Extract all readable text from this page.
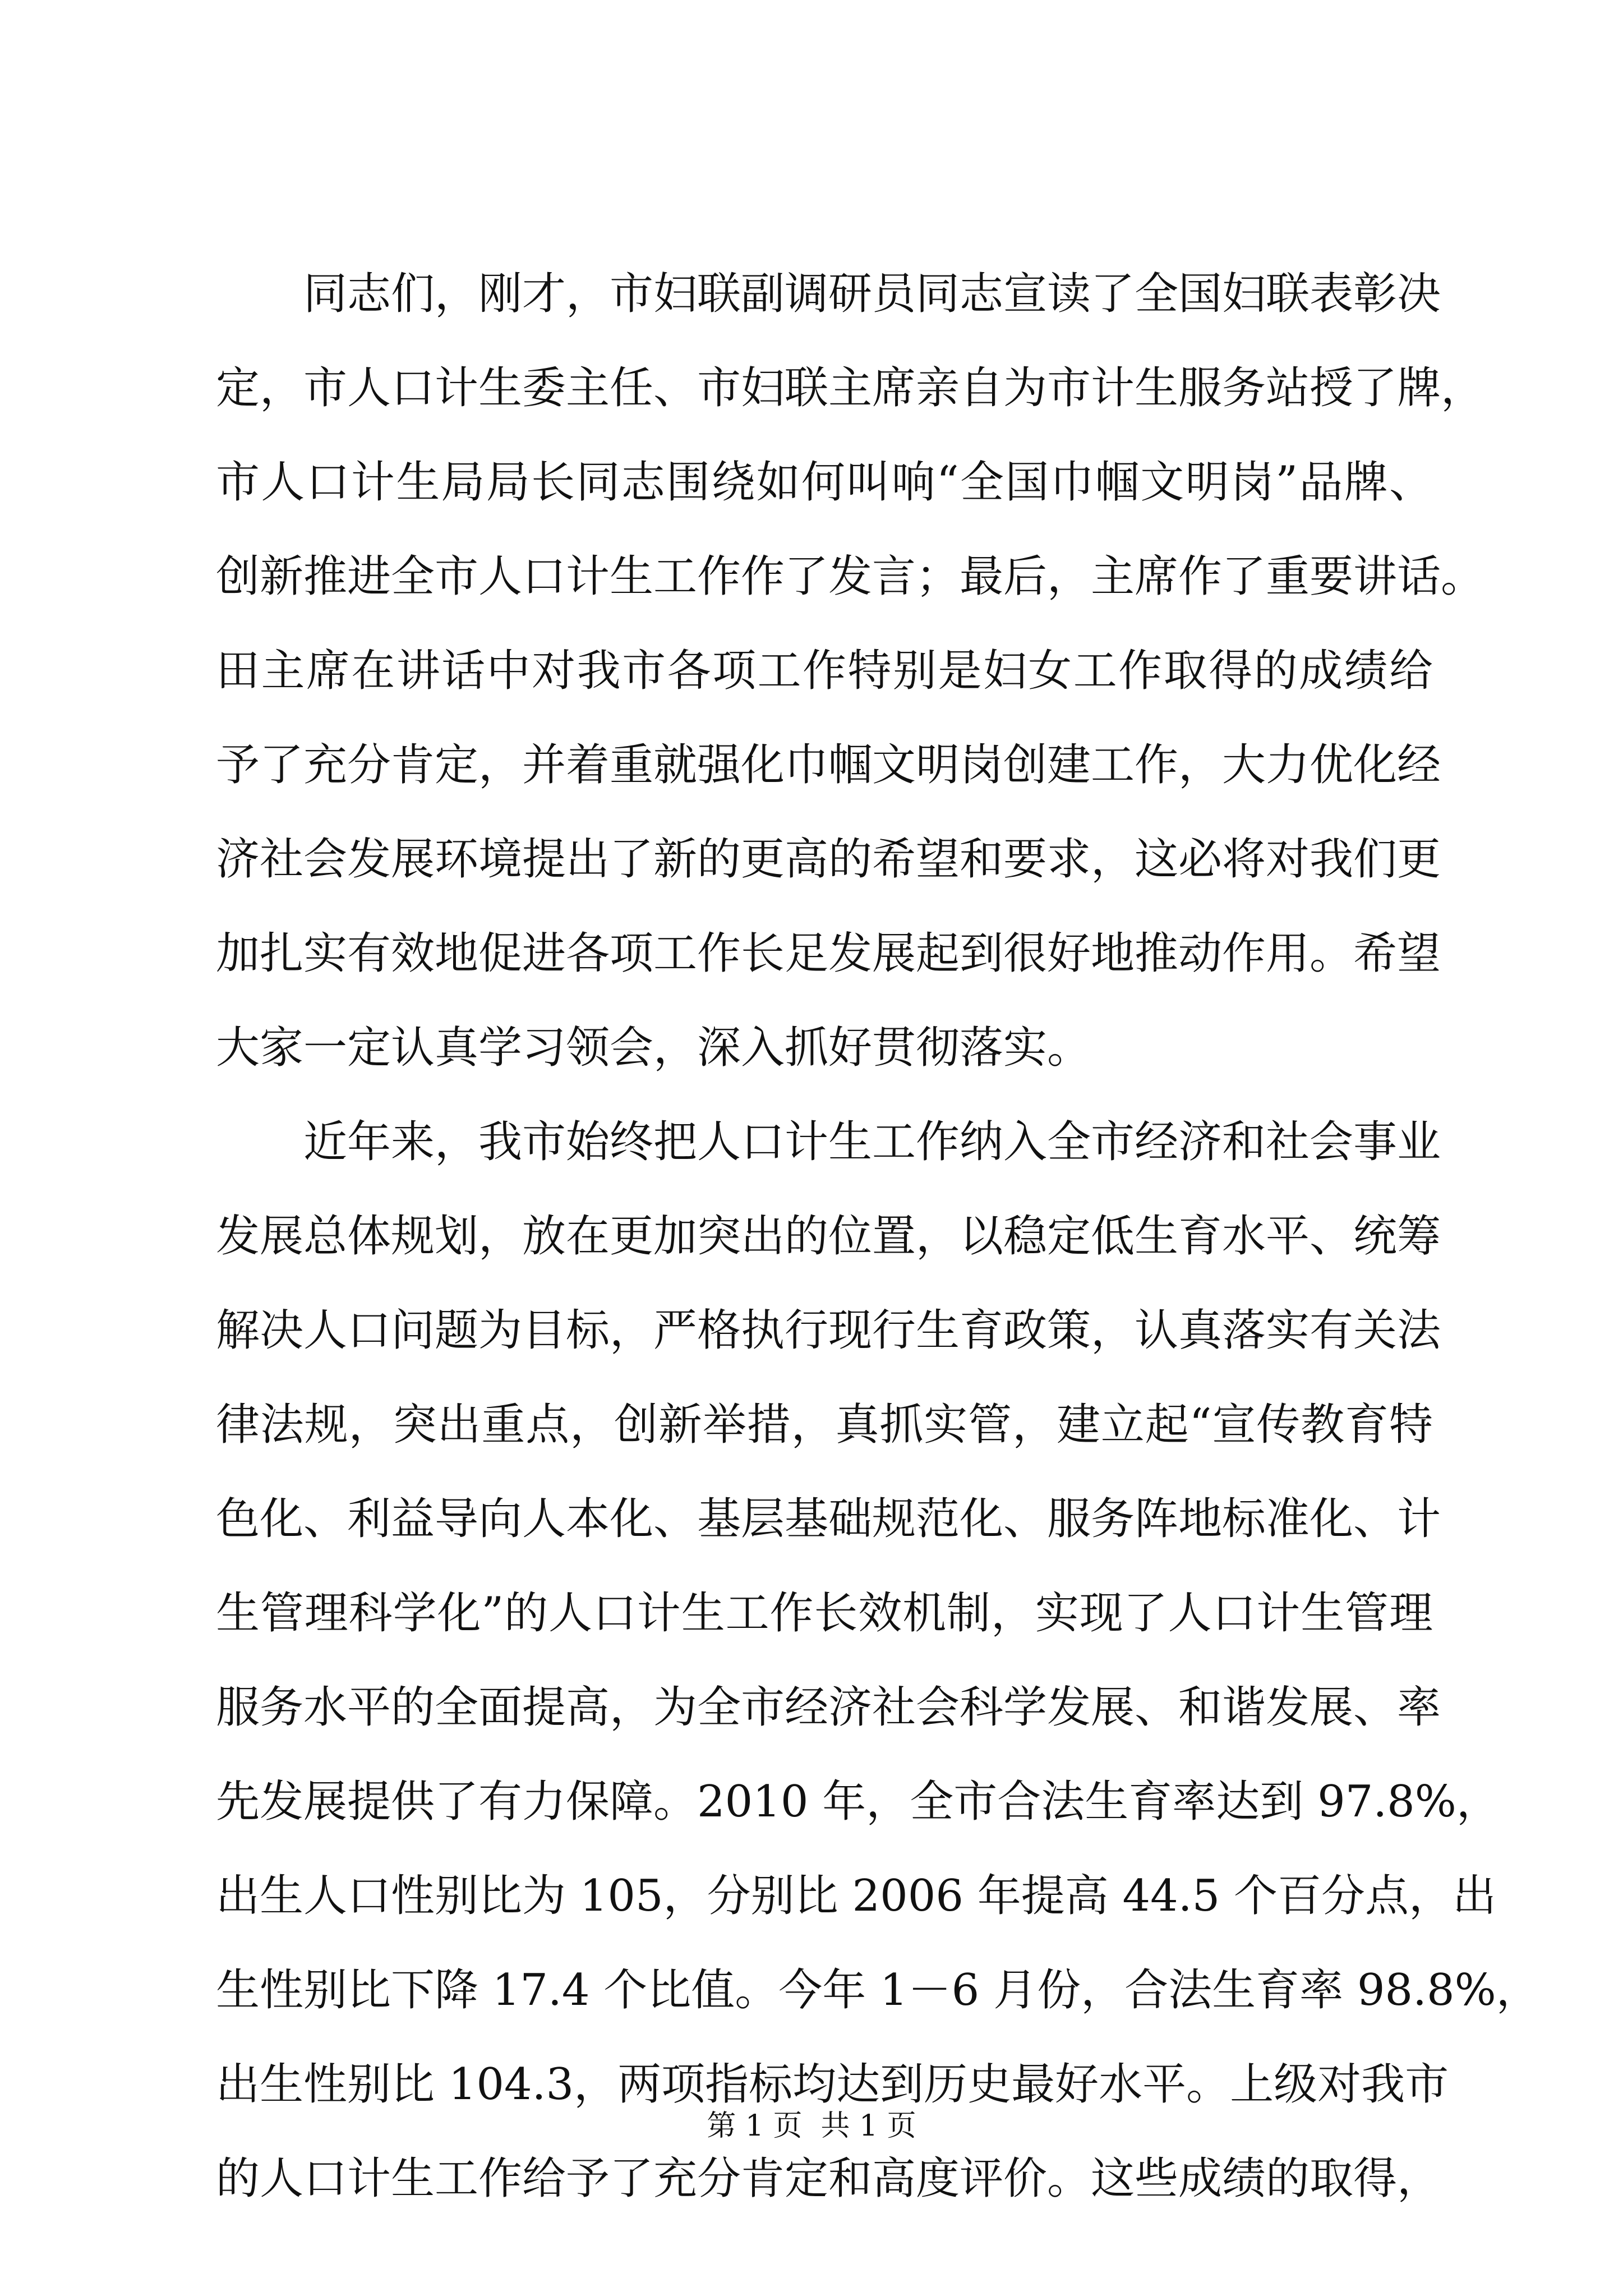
同志们，刚才，市妇联副调研员同志宣读了全国妇联表彰决
定，市人口计生委主任、市妇联主席亲自为市计生服务站授了牌，
市人口计生局局长同志围绕如何叫响“全国巾帼文明岗”品牌、
创新推进全市人口计生工作作了发言；最后，主席作了重要讲话。
田主席在讲话中对我市各项工作特别是妇女工作取得的成绩给
予了充分肯定，并着重就强化巾帼文明岗创建工作，大力优化经
济社会发展环境提出了新的更高的希望和要求，这必将对我们更
加扎实有效地促进各项工作长足发展起到很好地推动作用。希望
大家一定认真学习领会，深入抓好贯彻落实。
近年来，我市始终把人口计生工作纳入全市经济和社会事业
发展总体规划，放在更加突出的位置，以稳定低生育水平、统筹
解决人口问题为目标，严格执行现行生育政策，认真落实有关法
律法规，突出重点，创新举措，真抓实管，建立起“宣传教育特
色化、利益导向人本化、基层基础规范化、服务阵地标准化、计
生管理科学化”的人口计生工作长效机制，实现了人口计生管理
服务水平的全面提高，为全市经济社会科学发展、和谐发展、率
先发展提供了有力保障。2010 年，全市合法生育率达到 97.8%，
出生人口性别比为 105，分别比 2006 年提高 44.5 个百分点，出
生性别比下降 17.4 个比值。今年 1－6 月份，合法生育率 98.8%，
出生性别比 104.3，两项指标均达到历史最好水平。上级对我市
的人口计生工作给予了充分肯定和高度评价。这些成绩的取得，
第 1 页  共 1 页
